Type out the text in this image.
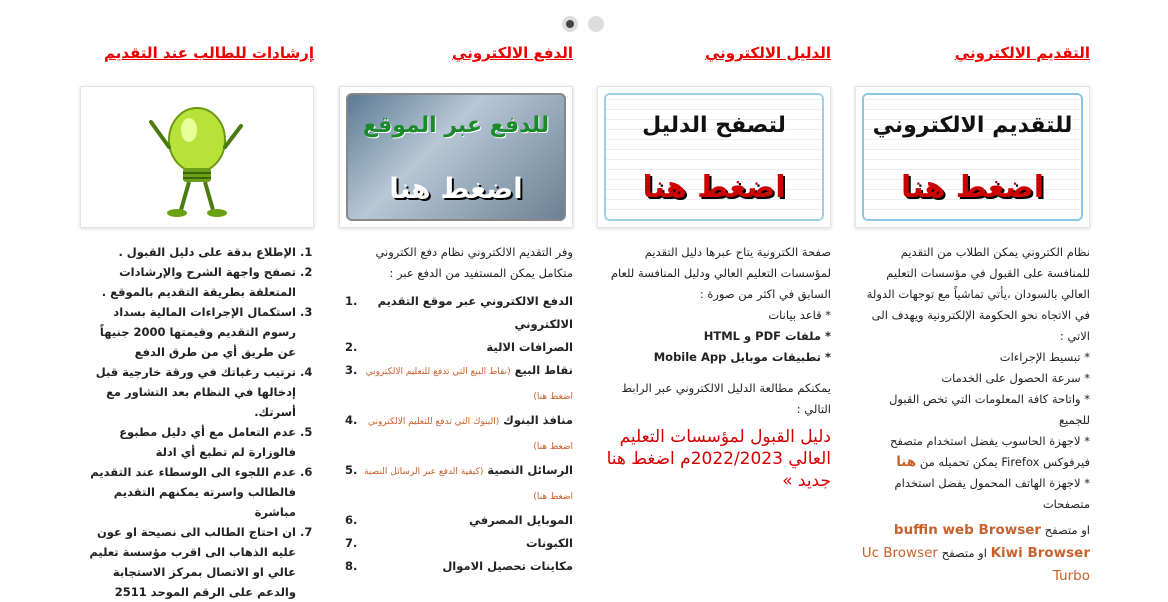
التقديم الالكتروني
للتقديم الالكتروني
اضغط هنا

نظام الكتروني يمكن الطلاب من التقديم للمنافسة على القبول في مؤسسات التعليم العالي بالسودان ،يأتي تماشياً مع توجهات الدولة في الاتجاه نحو الحكومة الإلكترونية ويهدف الى الاتي :

* تبسيط الإجراءات

* سرعة الحصول على الخدمات

* واتاحة كافة المعلومات التي تخص القبول للجميع

* لاجهزة الحاسوب يفضل استخدام متصفح فيرفوكس Firefox يمكن تحميله من هنا

* لاجهزة الهاتف المحمول يفضل استخدام متصفحات

او متصفح buffin web Browser
Kiwi Browser او متصفح Uc Browser Turbo

الدليل الالكتروني
لتصفح الدليل
اضغط هنا

صفحة الكترونية يتاح عبرها دليل التقديم لمؤسسات التعليم العالي ودليل المنافسة للعام السابق في اكثر من صورة :

* قاعد بيانات

* ملفات PDF و HTML

* تطبيقات موبايل Mobile App

يمكنكم مطالعة الدليل الالكتروني عبر الرابط التالي :

دليل القبول لمؤسسات التعليم العالي 2022/2023م اضغط هنا جديد »

الدفع الالكتروني
للدفع عبر الموقع
اضغط هنا

وفر التقديم الالكتروني نظام دفع الكتروني متكامل يمكن المستفيد من الدفع عبر :

الدفع الالكتروني عبر موقع التقديم الالكتروني
1.
الصرافات الالية
2.
نقاط البيع (نقاط البيع التي تدفع للتعليم الالكتروني اضغط هنا)
3.
منافذ البنوك (البنوك التي تدفع للتعليم الالكتروني اضغط هنا)
4.
الرسائل النصية (كيفية الدفع عبر الرسائل النصية اضغط هنا)
5.
الموبايل المصرفي
6.
الكبونات
7.
مكاينات تحصيل الاموال
8.
إرشادات للطالب عند التقديم
1. الإطلاع بدقة على دليل القبول .
2. تصفح واجهة الشرح والإرشادات المتعلقة بطريقة التقديم بالموقع .
3. استكمال الإجراءات المالية بسداد رسوم التقديم وقيمتها 2000 جنيهاً عن طريق أي من طرق الدفع
4. ترتيب رغباتك في ورقة خارجية قبل إدخالها في النظام بعد التشاور مع أسرتك.
5. عدم التعامل مع أي دليل مطبوع فالوزارة لم تطبع أي ادلة
6. عدم اللجوء الى الوسطاء عند التقديم فالطالب واسرته يمكنهم التقديم مباشرة
7. ان احتاج الطالب الى نصيحة او عون عليه الذهاب الى اقرب مؤسسة تعليم عالي او الاتصال بمركز الاستجابة والدعم على الرقم الموحد 2511
